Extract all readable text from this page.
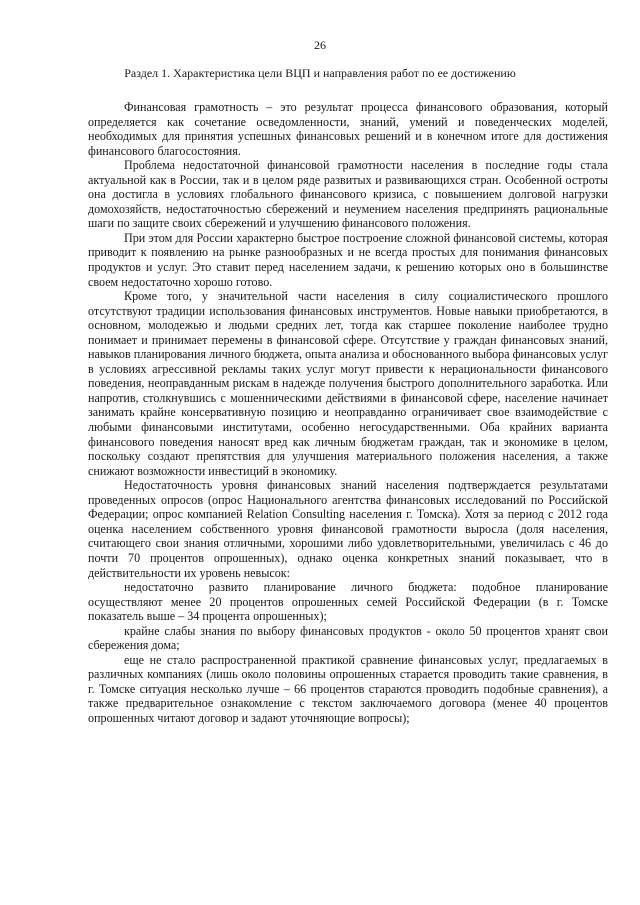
26
Раздел 1. Характеристика цели ВЦП и направления работ по ее достижению

Финансовая грамотность – это результат процесса финансового образования, который определяется как сочетание осведомленности, знаний, умений и поведенческих моделей, необходимых для принятия успешных финансовых решений и в конечном итоге для достижения финансового благосостояния.

Проблема недостаточной финансовой грамотности населения в последние годы стала актуальной как в России, так и в целом ряде развитых и развивающихся стран. Особенной остроты она достигла в условиях глобального финансового кризиса, с повышением долговой нагрузки домохозяйств, недостаточностью сбережений и неумением населения предпринять рациональные шаги по защите своих сбережений и улучшению финансового положения.

При этом для России характерно быстрое построение сложной финансовой системы, которая приводит к появлению на рынке разнообразных и не всегда простых для понимания финансовых продуктов и услуг. Это ставит перед населением задачи, к решению которых оно в большинстве своем недостаточно хорошо готово.

Кроме того, у значительной части населения в силу социалистического прошлого отсутствуют традиции использования финансовых инструментов. Новые навыки приобретаются, в основном, молодежью и людьми средних лет, тогда как старшее поколение наиболее трудно понимает и принимает перемены в финансовой сфере. Отсутствие у граждан финансовых знаний, навыков планирования личного бюджета, опыта анализа и обоснованного выбора финансовых услуг в условиях агрессивной рекламы таких услуг могут привести к нерациональности финансового поведения, неоправданным рискам в надежде получения быстрого дополнительного заработка. Или напротив, столкнувшись с мошенническими действиями в финансовой сфере, население начинает занимать крайне консервативную позицию и неоправданно ограничивает свое взаимодействие с любыми финансовыми институтами, особенно негосударственными. Оба крайних варианта финансового поведения наносят вред как личным бюджетам граждан, так и экономике в целом, поскольку создают препятствия для улучшения материального положения населения, а также снижают возможности инвестиций в экономику.

Недостаточность уровня финансовых знаний населения подтверждается результатами проведенных опросов (опрос Национального агентства финансовых исследований по Российской Федерации; опрос компанией Relation Consulting населения г. Томска). Хотя за период с 2012 года оценка населением собственного уровня финансовой грамотности выросла (доля населения, считающего свои знания отличными, хорошими либо удовлетворительными, увеличилась с 46 до почти 70 процентов опрошенных), однако оценка конкретных знаний показывает, что в действительности их уровень невысок:

недостаточно развито планирование личного бюджета: подобное планирование осуществляют менее 20 процентов опрошенных семей Российской Федерации (в г. Томске показатель выше – 34 процента опрошенных);

крайне слабы знания по выбору финансовых продуктов - около 50 процентов хранят свои сбережения дома;

еще не стало распространенной практикой сравнение финансовых услуг, предлагаемых в различных компаниях (лишь около половины опрошенных старается проводить такие сравнения, в г. Томске ситуация несколько лучше – 66 процентов стараются проводить подобные сравнения), а также предварительное ознакомление с текстом заключаемого договора (менее 40 процентов опрошенных читают договор и задают уточняющие вопросы);
